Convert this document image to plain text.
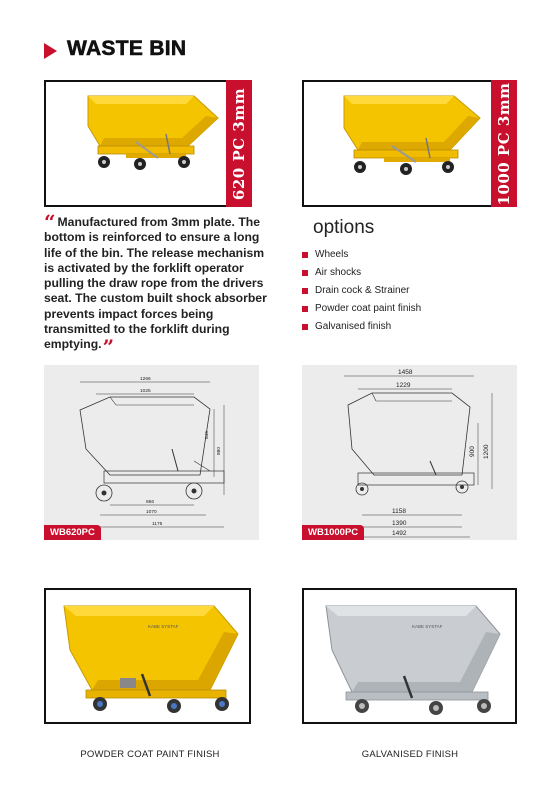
WASTE BIN
620 PC 3mm	1000 PC 3mm
“ Manufactured from 3mm plate. The bottom is reinforced to ensure a long life of the bin. The release mechanism is activated by the forklift operator pulling the draw rope from the drivers seat. The custom built shock absorber prevents impact forces being transmitted to the forklift during emptying.”
options
Wheels
Air shocks
Drain cock & Strainer
Powder coat paint finish
Galvanised finish
1266
1025
845
880
866
1070
1175
WB620PC
1458
1229
900 1200
1158
1390
1492
WB1000PC
KABE SYSTAF
POWDER COAT PAINT FINISH
KABE SYSTAF
GALVANISED FINISH
